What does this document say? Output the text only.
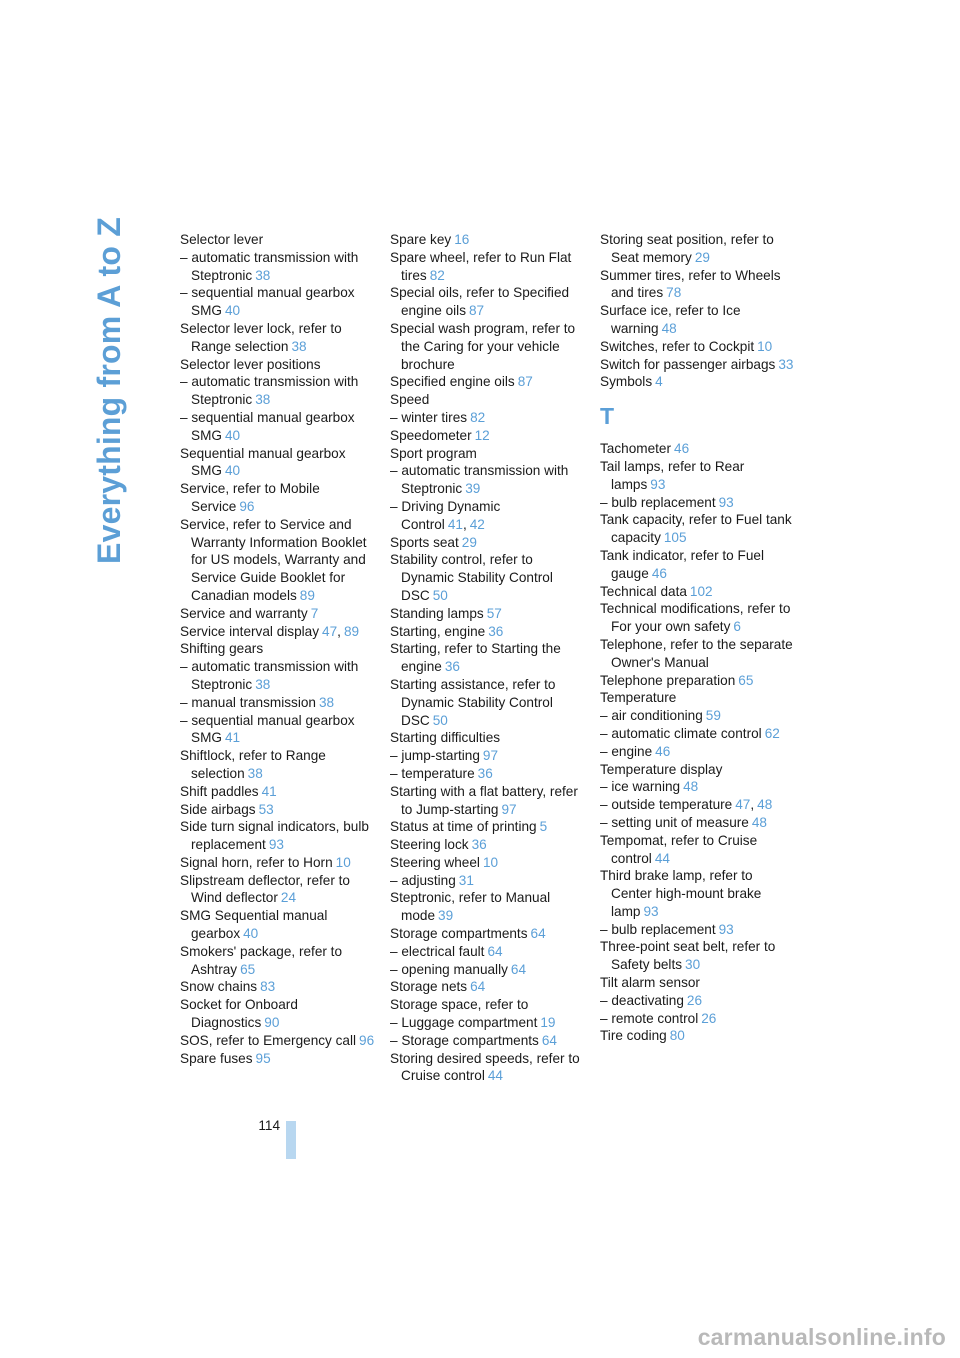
Everything from A to Z	Selector lever
– automatic transmission with Steptronic 38
– sequential manual gearbox SMG 40
Selector lever lock, refer to Range selection 38
Selector lever positions
– automatic transmission with Steptronic 38
– sequential manual gearbox SMG 40
Sequential manual gearbox SMG 40
Service, refer to Mobile Service 96
Service, refer to Service and Warranty Information Booklet for US models, Warranty and Service Guide Booklet for Canadian models 89
Service and warranty 7
Service interval display 47, 89
Shifting gears
– automatic transmission with Steptronic 38
– manual transmission 38
– sequential manual gearbox SMG 41
Shiftlock, refer to Range selection 38
Shift paddles 41
Side airbags 53
Side turn signal indicators, bulb replacement 93
Signal horn, refer to Horn 10
Slipstream deflector, refer to Wind deflector 24
SMG Sequential manual gearbox 40
Smokers' package, refer to Ashtray 65
Snow chains 83
Socket for Onboard Diagnostics 90
SOS, refer to Emergency call 96
Spare fuses 95
Spare key 16
Spare wheel, refer to Run Flat tires 82
Special oils, refer to Specified engine oils 87
Special wash program, refer to the Caring for your vehicle brochure
Specified engine oils 87
Speed
– winter tires 82
Speedometer 12
Sport program
– automatic transmission with Steptronic 39
– Driving Dynamic Control 41, 42
Sports seat 29
Stability control, refer to Dynamic Stability Control DSC 50
Standing lamps 57
Starting, engine 36
Starting, refer to Starting the engine 36
Starting assistance, refer to Dynamic Stability Control DSC 50
Starting difficulties
– jump-starting 97
– temperature 36
Starting with a flat battery, refer to Jump-starting 97
Status at time of printing 5
Steering lock 36
Steering wheel 10
– adjusting 31
Steptronic, refer to Manual mode 39
Storage compartments 64
– electrical fault 64
– opening manually 64
Storage nets 64
Storage space, refer to
– Luggage compartment 19
– Storage compartments 64
Storing desired speeds, refer to Cruise control 44
Storing seat position, refer to Seat memory 29
Summer tires, refer to Wheels and tires 78
Surface ice, refer to Ice warning 48
Switches, refer to Cockpit 10
Switch for passenger airbags 33
Symbols 4
T
Tachometer 46
Tail lamps, refer to Rear lamps 93
– bulb replacement 93
Tank capacity, refer to Fuel tank capacity 105
Tank indicator, refer to Fuel gauge 46
Technical data 102
Technical modifications, refer to For your own safety 6
Telephone, refer to the separate Owner's Manual
Telephone preparation 65
Temperature
– air conditioning 59
– automatic climate control 62
– engine 46
Temperature display
– ice warning 48
– outside temperature 47, 48
– setting unit of measure 48
Tempomat, refer to Cruise control 44
Third brake lamp, refer to Center high-mount brake lamp 93
– bulb replacement 93
Three-point seat belt, refer to Safety belts 30
Tilt alarm sensor
– deactivating 26
– remote control 26
Tire coding 80
114
carmanualsonline.info
